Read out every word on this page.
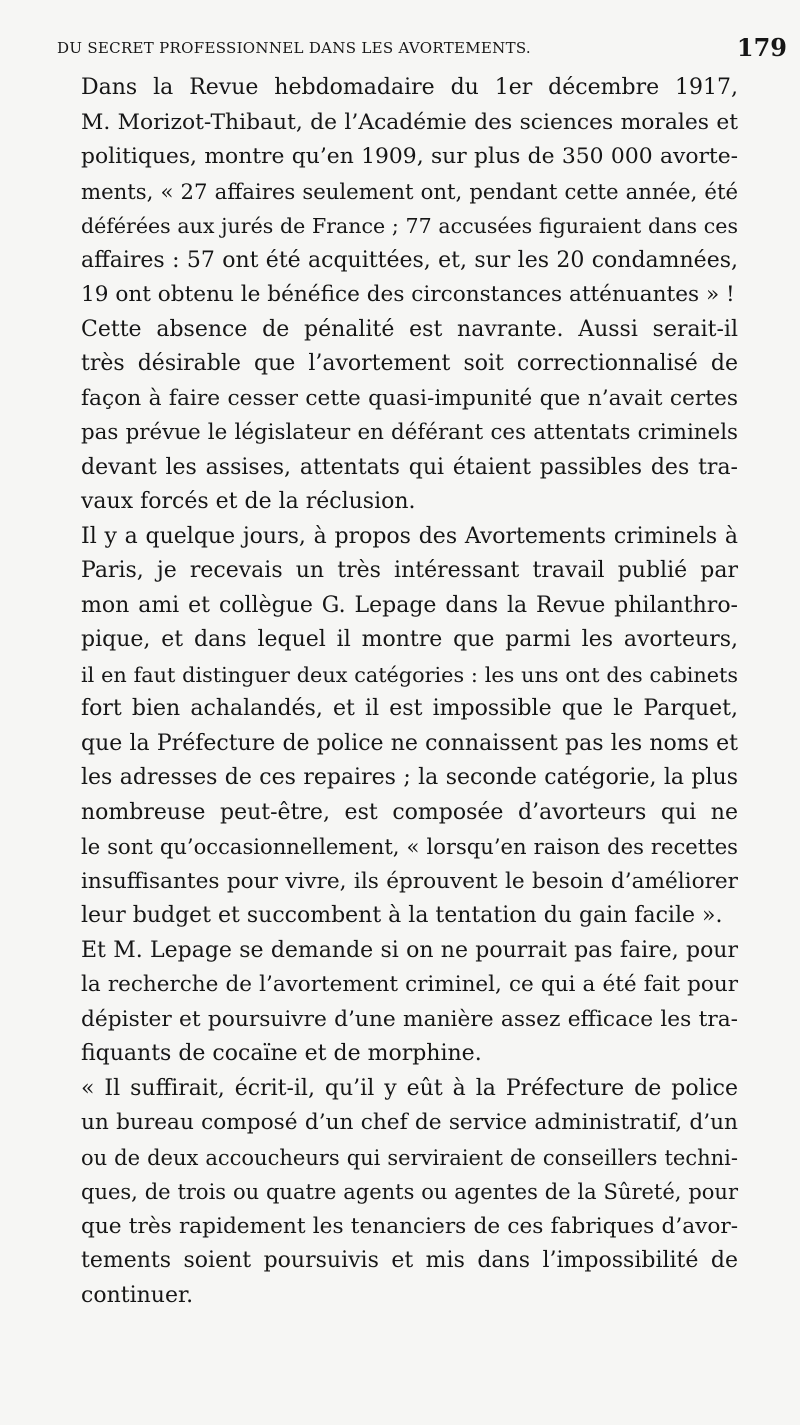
DU SECRET PROFESSIONNEL DANS LES AVORTEMENTS.	179

Dans la Revue hebdomadaire du 1er décembre 1917,
M. Morizot-Thibaut, de l’Académie des sciences morales et
politiques, montre qu’en 1909, sur plus de 350 000 avorte-
ments, « 27 affaires seulement ont, pendant cette année, été
déférées aux jurés de France ; 77 accusées figuraient dans ces
affaires : 57 ont été acquittées, et, sur les 20 condamnées,
19 ont obtenu le bénéfice des circonstances atténuantes » !

Cette absence de pénalité est navrante. Aussi serait-il
très désirable que l’avortement soit correctionnalisé de
façon à faire cesser cette quasi-impunité que n’avait certes
pas prévue le législateur en déférant ces attentats criminels
devant les assises, attentats qui étaient passibles des tra-
vaux forcés et de la réclusion.

Il y a quelque jours, à propos des Avortements criminels à
Paris, je recevais un très intéressant travail publié par
mon ami et collègue G. Lepage dans la Revue philanthro-
pique, et dans lequel il montre que parmi les avorteurs,
il en faut distinguer deux catégories : les uns ont des cabinets
fort bien achalandés, et il est impossible que le Parquet,
que la Préfecture de police ne connaissent pas les noms et
les adresses de ces repaires ; la seconde catégorie, la plus
nombreuse peut-être, est composée d’avorteurs qui ne
le sont qu’occasionnellement, « lorsqu’en raison des recettes
insuffisantes pour vivre, ils éprouvent le besoin d’améliorer
leur budget et succombent à la tentation du gain facile ».

Et M. Lepage se demande si on ne pourrait pas faire, pour
la recherche de l’avortement criminel, ce qui a été fait pour
dépister et poursuivre d’une manière assez efficace les tra-
fiquants de cocaïne et de morphine.

« Il suffirait, écrit-il, qu’il y eût à la Préfecture de police
un bureau composé d’un chef de service administratif, d’un
ou de deux accoucheurs qui serviraient de conseillers techni-
ques, de trois ou quatre agents ou agentes de la Sûreté, pour
que très rapidement les tenanciers de ces fabriques d’avor-
tements soient poursuivis et mis dans l’impossibilité de
continuer.
